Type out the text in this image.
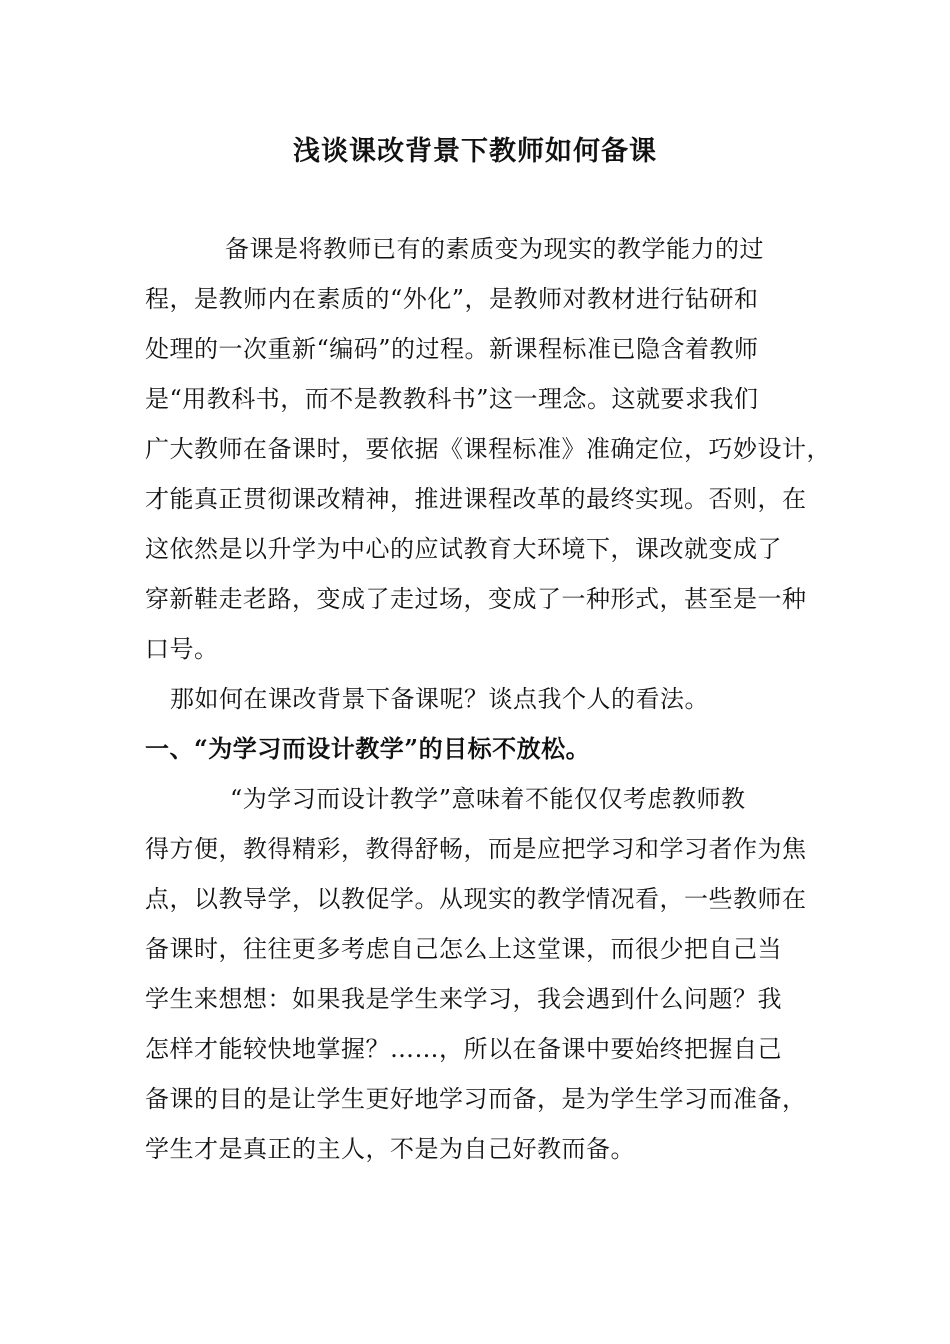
浅谈课改背景下教师如何备课
备课是将教师已有的素质变为现实的教学能力的过
程，是教师内在素质的“外化”，是教师对教材进行钻研和
处理的一次重新“编码”的过程。新课程标准已隐含着教师
是“用教科书，而不是教教科书”这一理念。这就要求我们
广大教师在备课时，要依据《课程标准》准确定位，巧妙设计，
才能真正贯彻课改精神，推进课程改革的最终实现。否则，在
这依然是以升学为中心的应试教育大环境下，课改就变成了
穿新鞋走老路，变成了走过场，变成了一种形式，甚至是一种
口号。
那如何在课改背景下备课呢？谈点我个人的看法。
一、“为学习而设计教学”的目标不放松。
“为学习而设计教学”意味着不能仅仅考虑教师教
得方便，教得精彩，教得舒畅，而是应把学习和学习者作为焦
点，以教导学，以教促学。从现实的教学情况看，一些教师在
备课时，往往更多考虑自己怎么上这堂课，而很少把自己当
学生来想想：如果我是学生来学习，我会遇到什么问题？我
怎样才能较快地掌握？……，所以在备课中要始终把握自己
备课的目的是让学生更好地学习而备，是为学生学习而准备，
学生才是真正的主人，不是为自己好教而备。
